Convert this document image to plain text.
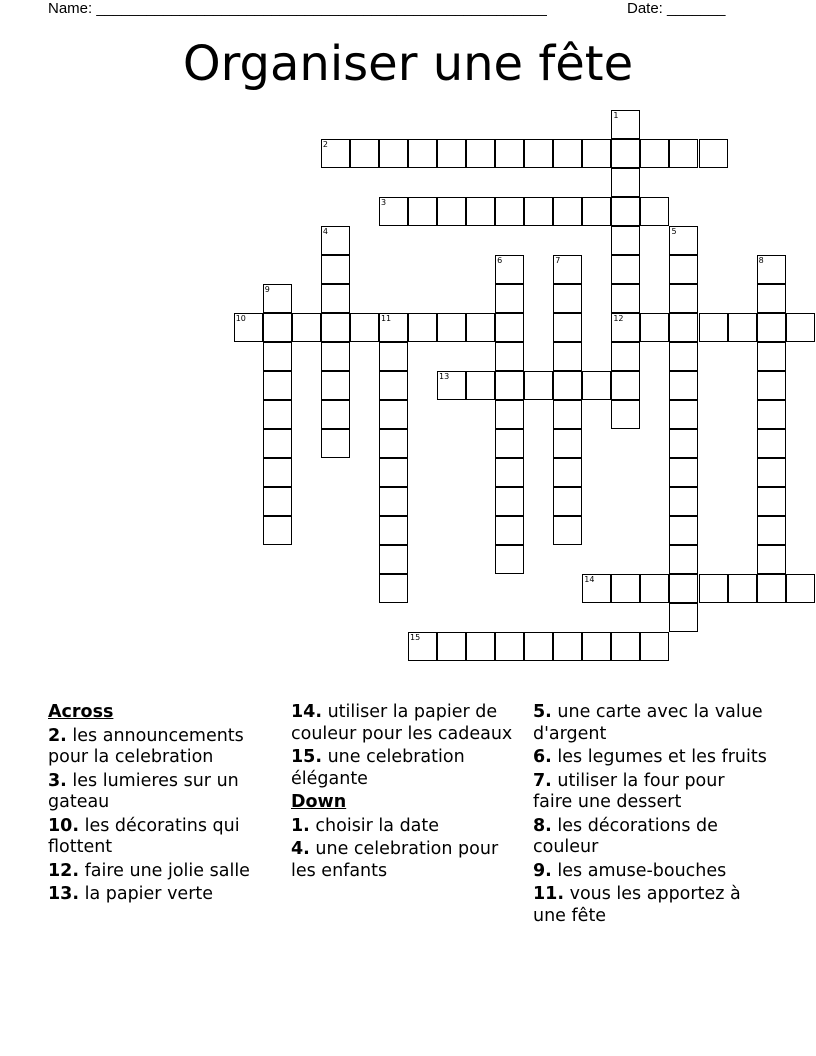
Name: ______________________________________________________	Date: _______
Organiser une fête
1
12
2
3
4	5
6	7	8
9
10	11
13
14
15
Across
2. les announcements pour la celebration
3. les lumieres sur un gateau
10. les décoratins qui flottent
12. faire une jolie salle
13. la papier verte
14. utiliser la papier de couleur pour les cadeaux
15. une celebration élégante
Down
1. choisir la date
4. une celebration pour les enfants
5. une carte avec la value d'argent
6. les legumes et les fruits
7. utiliser la four pour faire une dessert
8. les décorations de couleur
9. les amuse-bouches
11. vous les apportez à une fête
